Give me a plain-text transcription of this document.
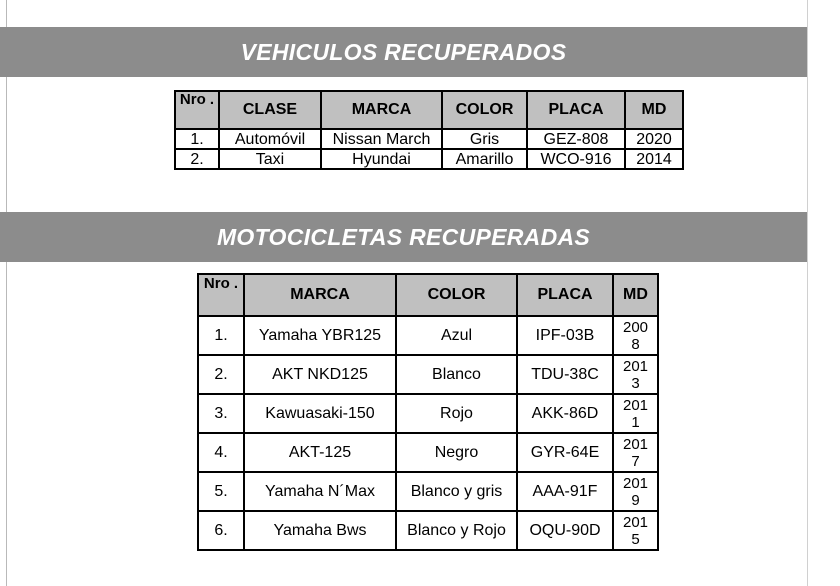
VEHICULOS RECUPERADOS
Nro .	CLASE	MARCA	COLOR	PLACA	MD
1.	Automóvil	Nissan March	Gris	GEZ-808	2020
2.	Taxi	Hyundai	Amarillo	WCO-916	2014
MOTOCICLETAS RECUPERADAS
Nro .	MARCA	COLOR	PLACA	MD
1.	Yamaha YBR125	Azul	IPF-03B	2008
2.	AKT NKD125	Blanco	TDU-38C	2013
3.	Kawuasaki-150	Rojo	AKK-86D	2011
4.	AKT-125	Negro	GYR-64E	2017
5.	Yamaha N´Max	Blanco y gris	AAA-91F	2019
6.	Yamaha Bws	Blanco y Rojo	OQU-90D	2015
